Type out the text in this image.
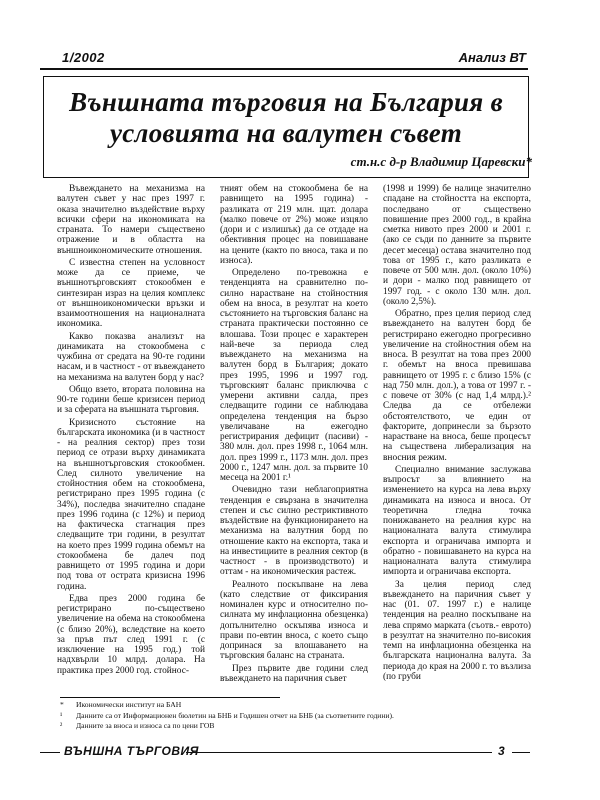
1/2002	Анализ ВТ
Външната търговия на България в условията на валутен съвет
ст.н.с д-р Владимир Царевски*

Въвеждането на механизма на валутен съвет у нас през 1997 г. оказа значително въздействие върху всички сфери на икономиката на страната. То намери съществено отражение и в областта на външноикономическите отношения.

С известна степен на условност може да се приеме, че външнотърговският стокообмен е синтезиран израз на целия комплекс от външноикономически връзки и взаимоотношения на националната икономика.

Какво показва анализът на динамиката на стокообмена с чужбина от средата на 90-те години насам, и в частност - от въвеждането на механизма на валутен борд у нас?

Общо взето, втората половина на 90-те години беше кризисен период и за сферата на външната търговия.

Кризисното състояние на българската икономика (и в частност - на реалния сектор) през този период се отрази върху динамиката на външнотърговския стокообмен. След силното увеличение на стойностния обем на стокообмена, регистрирано през 1995 година (с 34%), последва значително спадане през 1996 година (с 12%) и период на фактическа стагнация през следващите три години, в резултат на което през 1999 година обемът на стокообмена бе далеч под равнището от 1995 година и дори под това от острата кризисна 1996 година.

Едва през 2000 година бе регистрирано по-съществено увеличение на обема на стокообмена (с близо 20%), вследствие на което за пръв път след 1991 г. (с изключение на 1995 год.) той надхвърли 10 млрд. долара. На практика през 2000 год. стойнос-

тният обем на стокообмена бе на равнището на 1995 година) - разликата от 219 млн. щат. долара (малко повече от 2%) може изцяло (дори и с излишък) да се отдаде на обективния процес на повишаване на цените (както по вноса, така и по износа).

Определено по-тревожна е тенденцията на сравнително по-силно нарастване на стойностния обем на вноса, в резултат на което състоянието на търговския баланс на страната практически постоянно се влошава. Този процес е характерен най-вече за периода след въвеждането на механизма на валутен борд в България; докато през 1995, 1996 и 1997 год. търговският баланс приключва с умерени активни салда, през следващите години се наблюдава определена тенденция на бързо увеличаване на ежегодно регистрирания дефицит (пасиви) - 380 млн. дол. през 1998 г., 1064 млн. дол. през 1999 г., 1173 млн. дол. през 2000 г., 1247 млн. дол. за първите 10 месеца на 2001 г.¹

Очевидно тази неблагоприятна тенденция е свързана в значителна степен и със силно рестриктивното въздействие на функционирането на механизма на валутния борд по отношение както на експорта, така и на инвестициите в реалния сектор (в частност - в производството) и оттам - на икономическия растеж.

Реалното поскъпване на лева (като следствие от фиксирания номинален курс и относително по-силната му инфлационна обезценка) допълнително оскъпява износа и прави по-евтин вноса, с което също допринася за влошаването на търговския баланс на страната.

През първите две години след въвеждането на паричния съвет

(1998 и 1999) бе налице значително спадане на стойността на експорта, последвано от съществено повишение през 2000 год., в крайна сметка нивото през 2000 и 2001 г. (ако се съди по данните за първите десет месеца) остава значително под това от 1995 г., като разликата е повече от 500 млн. дол. (около 10%) и дори - малко под равнището от 1997 год. - с около 130 млн. дол. (около 2,5%).

Обратно, през целия период след въвеждането на валутен борд бе регистрирано ежегодно прогресивно увеличение на стойностния обем на вноса. В резултат на това през 2000 г. обемът на вноса превишава равнището от 1995 г. с близо 15% (с над 750 млн. дол.), а това от 1997 г. - с повече от 30% (с над 1,4 млрд.).² Следва да се отбележи обстоятелството, че един от факторите, допринесли за бързото нарастване на вноса, беше процесът на съществена либерализация на вносния режим.

Специално внимание заслужава въпросът за влиянието на изменението на курса на лева върху динамиката на износа и вноса. От теоретична гледна точка понижаването на реалния курс на националната валута стимулира експорта и ограничава импорта и обратно - повишаването на курса на националната валута стимулира импорта и ограничава експорта.

За целия период след въвеждането на паричния съвет у нас (01. 07. 1997 г.) е налице тенденция на реално поскъпване на лева спрямо марката (съотв.- еврото) в резултат на значително по-високия темп на инфлационна обезценка на българската национална валута. За периода до края на 2000 г. то възлиза (по груби

*	Икономически институт на БАН
¹	Данните са от Информационен бюлетин на БНБ и Годишен отчет на БНБ (за съответните години).
²	Данните за вноса и износа са по цени ГОВ
ВЪНШНА ТЪРГОВИЯ	3
